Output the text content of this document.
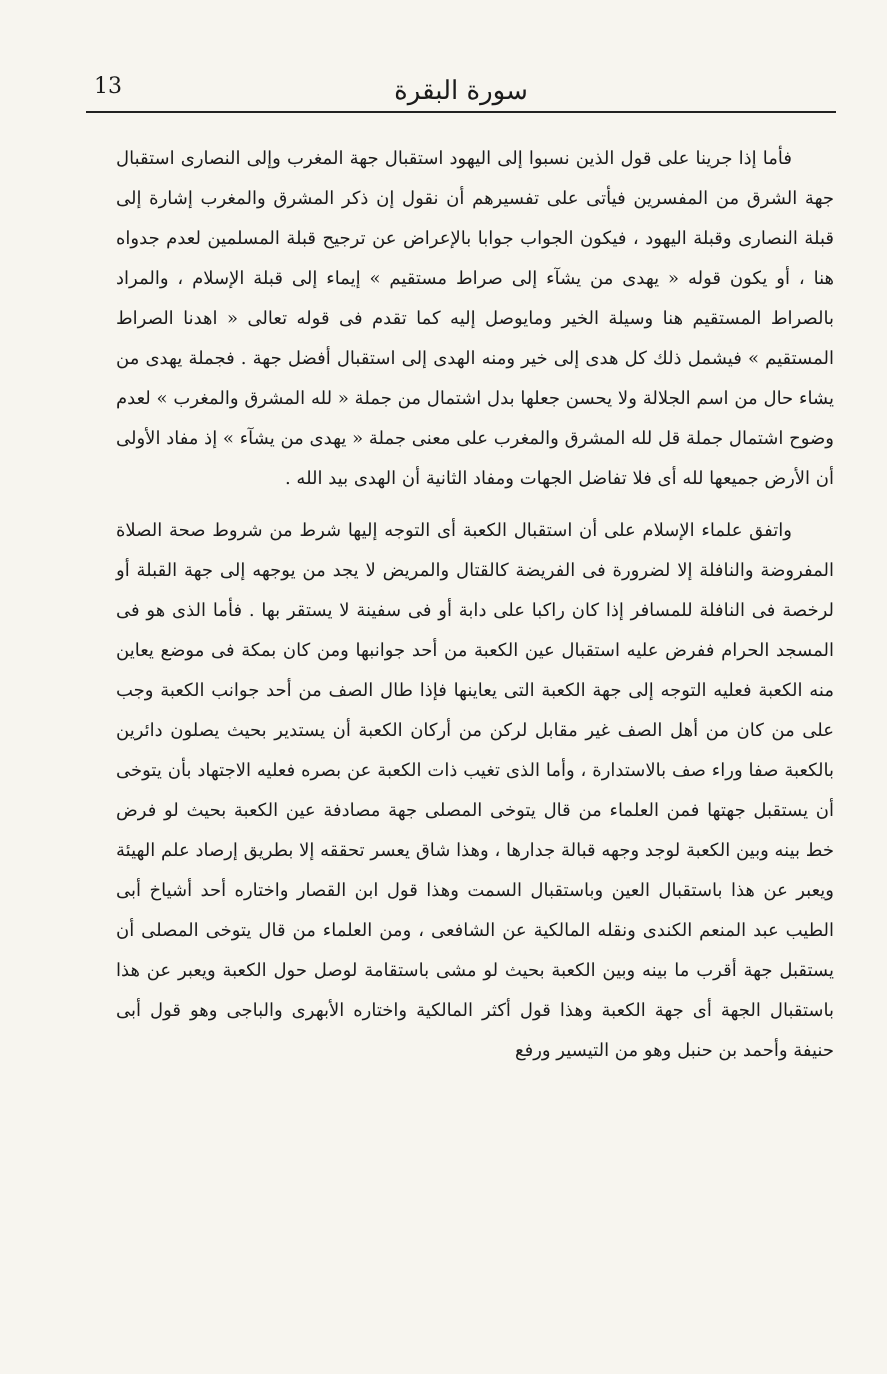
سورة البقرة
13

فأما إذا جرينا على قول الذين نسبوا إلى اليهود استقبال جهة المغرب وإلى النصارى استقبال جهة الشرق من المفسرين فيأتى على تفسيرهم أن نقول إن ذكر المشرق والمغرب إشارة إلى قبلة النصارى وقبلة اليهود ، فيكون الجواب جوابا بالإعراض عن ترجيح قبلة المسلمين لعدم جدواه هنا ، أو يكون قوله « يهدى من يشآء إلى صراط مستقيم » إيماء إلى قبلة الإسلام ، والمراد بالصراط المستقيم هنا وسيلة الخير ومايوصل إليه كما تقدم فى قوله تعالى « اهدنا الصراط المستقيم » فيشمل ذلك كل هدى إلى خير ومنه الهدى إلى استقبال أفضل جهة . فجملة يهدى من يشاء حال من اسم الجلالة ولا يحسن جعلها بدل اشتمال من جملة « لله المشرق والمغرب » لعدم وضوح اشتمال جملة قل لله المشرق والمغرب على معنى جملة « يهدى من يشآء » إذ مفاد الأولى أن الأرض جميعها لله أى فلا تفاضل الجهات ومفاد الثانية أن الهدى بيد الله .

واتفق علماء الإسلام على أن استقبال الكعبة أى التوجه إليها شرط من شروط صحة الصلاة المفروضة والنافلة إلا لضرورة فى الفريضة كالقتال والمريض لا يجد من يوجهه إلى جهة القبلة أو لرخصة فى النافلة للمسافر إذا كان راكبا على دابة أو فى سفينة لا يستقر بها . فأما الذى هو فى المسجد الحرام ففرض عليه استقبال عين الكعبة من أحد جوانبها ومن كان بمكة فى موضع يعاين منه الكعبة فعليه التوجه إلى جهة الكعبة التى يعاينها فإذا طال الصف من أحد جوانب الكعبة وجب على من كان من أهل الصف غير مقابل لركن من أركان الكعبة أن يستدير بحيث يصلون دائرين بالكعبة صفا وراء صف بالاستدارة ، وأما الذى تغيب ذات الكعبة عن بصره فعليه الاجتهاد بأن يتوخى أن يستقبل جهتها فمن العلماء من قال يتوخى المصلى جهة مصادفة عين الكعبة بحيث لو فرض خط بينه وبين الكعبة لوجد وجهه قبالة جدارها ، وهذا شاق يعسر تحققه إلا بطريق إرصاد علم الهيئة ويعبر عن هذا باستقبال العين وباستقبال السمت وهذا قول ابن القصار واختاره أحد أشياخ أبى الطيب عبد المنعم الكندى ونقله المالكية عن الشافعى ، ومن العلماء من قال يتوخى المصلى أن يستقبل جهة أقرب ما بينه وبين الكعبة بحيث لو مشى باستقامة لوصل حول الكعبة ويعبر عن هذا باستقبال الجهة أى جهة الكعبة وهذا قول أكثر المالكية واختاره الأبهرى والباجى وهو قول أبى حنيفة وأحمد بن حنبل وهو من التيسير ورفع
